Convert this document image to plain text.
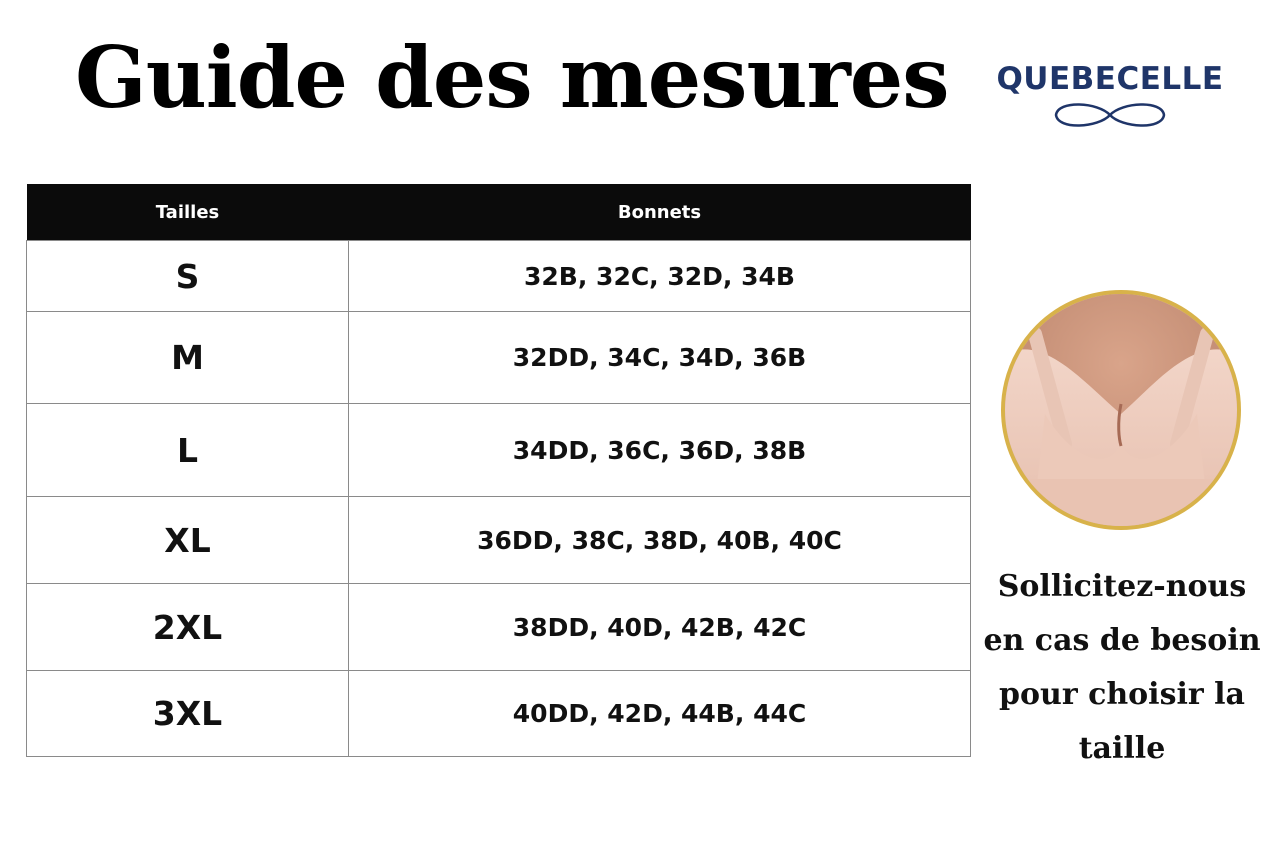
Guide des mesures	QUEBECELLE
Tailles	Bonnets
S	32B, 32C, 32D, 34B
M	32DD, 34C, 34D, 36B
L	34DD, 36C, 36D, 38B
XL	36DD, 38C, 38D, 40B, 40C
2XL	38DD, 40D, 42B, 42C
3XL	40DD, 42D, 44B, 44C
Sollicitez-nous
en cas de besoin
pour choisir la
taille
